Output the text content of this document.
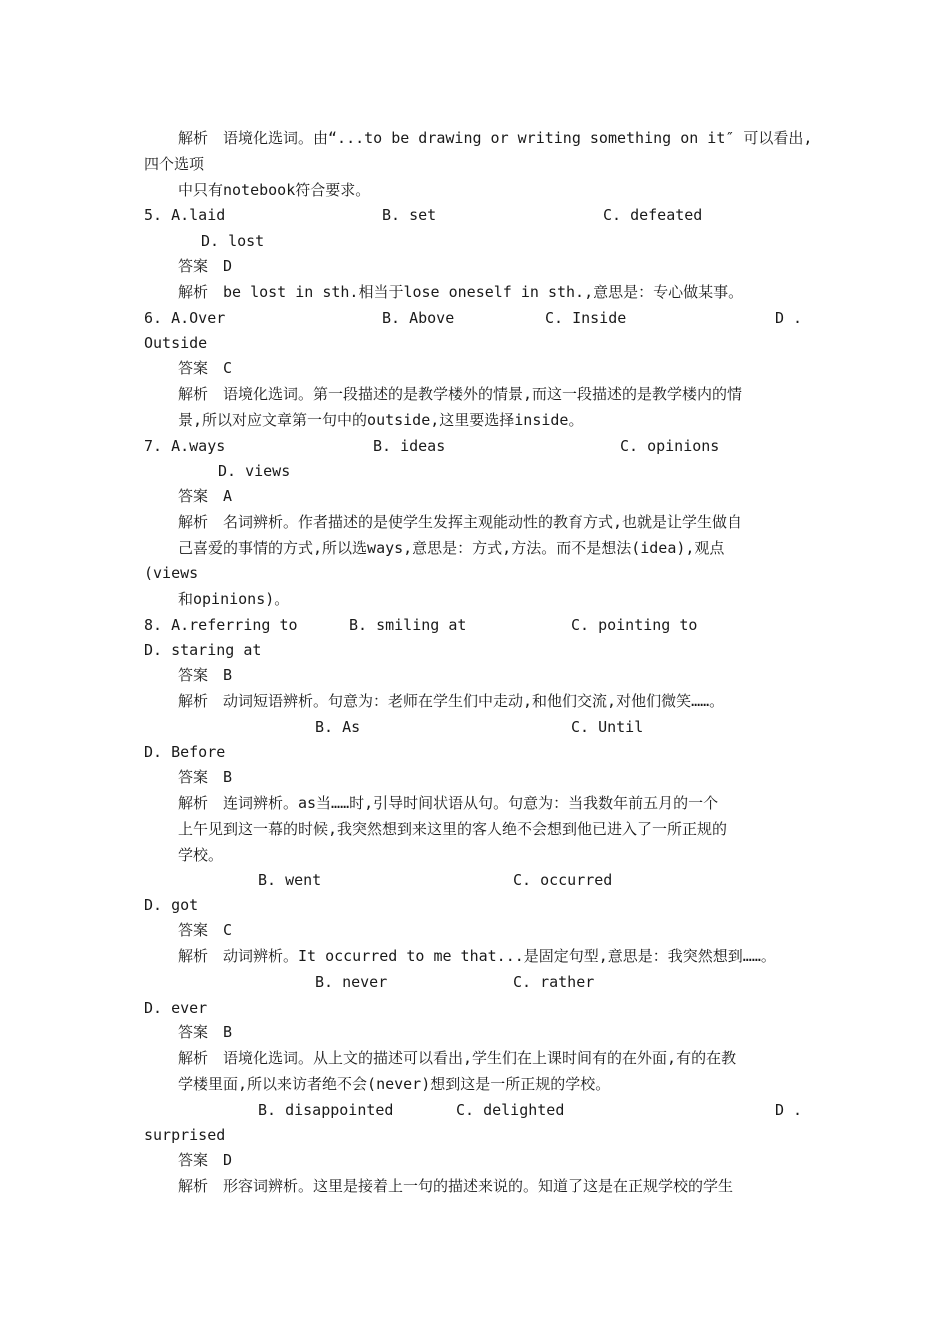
解析　语境化选词。由“...to be drawing or writing something on it″ 可以看出,
四个选项
中只有notebook符合要求。
5. A.laid	B. set	C. defeated
D. lost
答案　D
解析　be lost in sth.相当于lose oneself in sth.,意思是：专心做某事。
6. A.Over	B. Above	C. Inside	D .
Outside
答案　C
解析　语境化选词。第一段描述的是教学楼外的情景,而这一段描述的是教学楼内的情
景,所以对应文章第一句中的outside,这里要选择inside。
7. A.ways	B. ideas	C. opinions
D. views
答案　A
解析　名词辨析。作者描述的是使学生发挥主观能动性的教育方式,也就是让学生做自
己喜爱的事情的方式,所以选ways,意思是：方式,方法。而不是想法(idea),观点
(views
和opinions)。
8. A.referring to	B. smiling at	C. pointing to
D. staring at
答案　B
解析　动词短语辨析。句意为：老师在学生们中走动,和他们交流,对他们微笑……。
B. As	C. Until
D. Before
答案　B
解析　连词辨析。as当……时,引导时间状语从句。句意为：当我数年前五月的一个
上午见到这一幕的时候,我突然想到来这里的客人绝不会想到他已进入了一所正规的
学校。
B. went	C. occurred
D. got
答案　C
解析　动词辨析。It occurred to me that...是固定句型,意思是：我突然想到……。
B. never	C. rather
D. ever
答案　B
解析　语境化选词。从上文的描述可以看出,学生们在上课时间有的在外面,有的在教
学楼里面,所以来访者绝不会(never)想到这是一所正规的学校。
B. disappointed	C. delighted	D .
surprised
答案　D
解析　形容词辨析。这里是接着上一句的描述来说的。知道了这是在正规学校的学生
